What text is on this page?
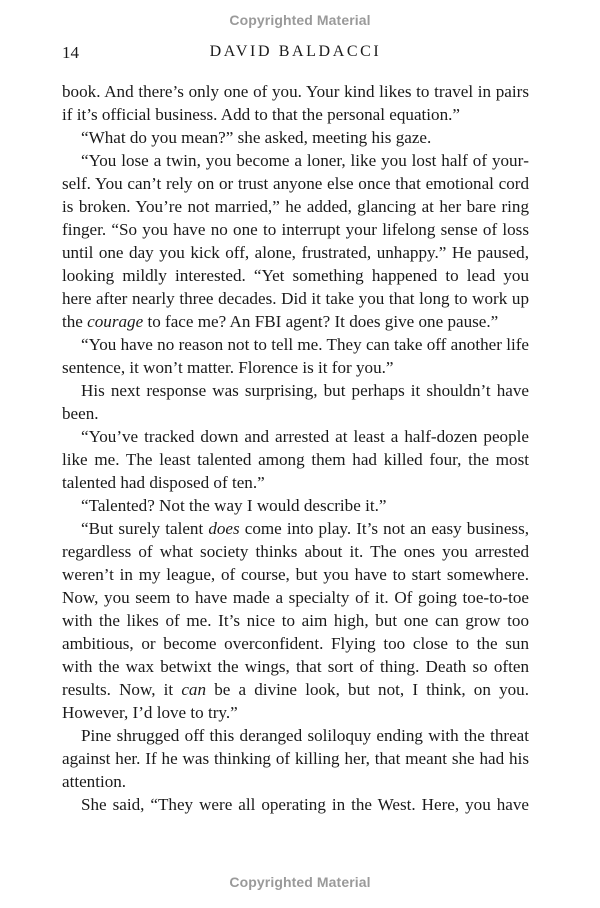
Copyrighted Material
14	DAVID BALDACCI

book. And there’s only one of you. Your kind likes to travel in pairs if it’s official business. Add to that the personal equation.”

“What do you mean?” she asked, meeting his gaze.

“You lose a twin, you become a loner, like you lost half of yourself. You can’t rely on or trust anyone else once that emotional cord is broken. You’re not married,” he added, glancing at her bare ring finger. “So you have no one to interrupt your lifelong sense of loss until one day you kick off, alone, frustrated, unhappy.” He paused, looking mildly interested. “Yet something happened to lead you here after nearly three decades. Did it take you that long to work up the courage to face me? An FBI agent? It does give one pause.”

“You have no reason not to tell me. They can take off another life sentence, it won’t matter. Florence is it for you.”

His next response was surprising, but perhaps it shouldn’t have been.

“You’ve tracked down and arrested at least a half-dozen people like me. The least talented among them had killed four, the most talented had disposed of ten.”

“Talented? Not the way I would describe it.”

“But surely talent does come into play. It’s not an easy business, regardless of what society thinks about it. The ones you arrested weren’t in my league, of course, but you have to start somewhere. Now, you seem to have made a specialty of it. Of going toe-to-toe with the likes of me. It’s nice to aim high, but one can grow too ambitious, or become overconfident. Flying too close to the sun with the wax betwixt the wings, that sort of thing. Death so often results. Now, it can be a divine look, but not, I think, on you. However, I’d love to try.”

Pine shrugged off this deranged soliloquy ending with the threat against her. If he was thinking of killing her, that meant she had his attention.

She said, “They were all operating in the West. Here, you have

Copyrighted Material
